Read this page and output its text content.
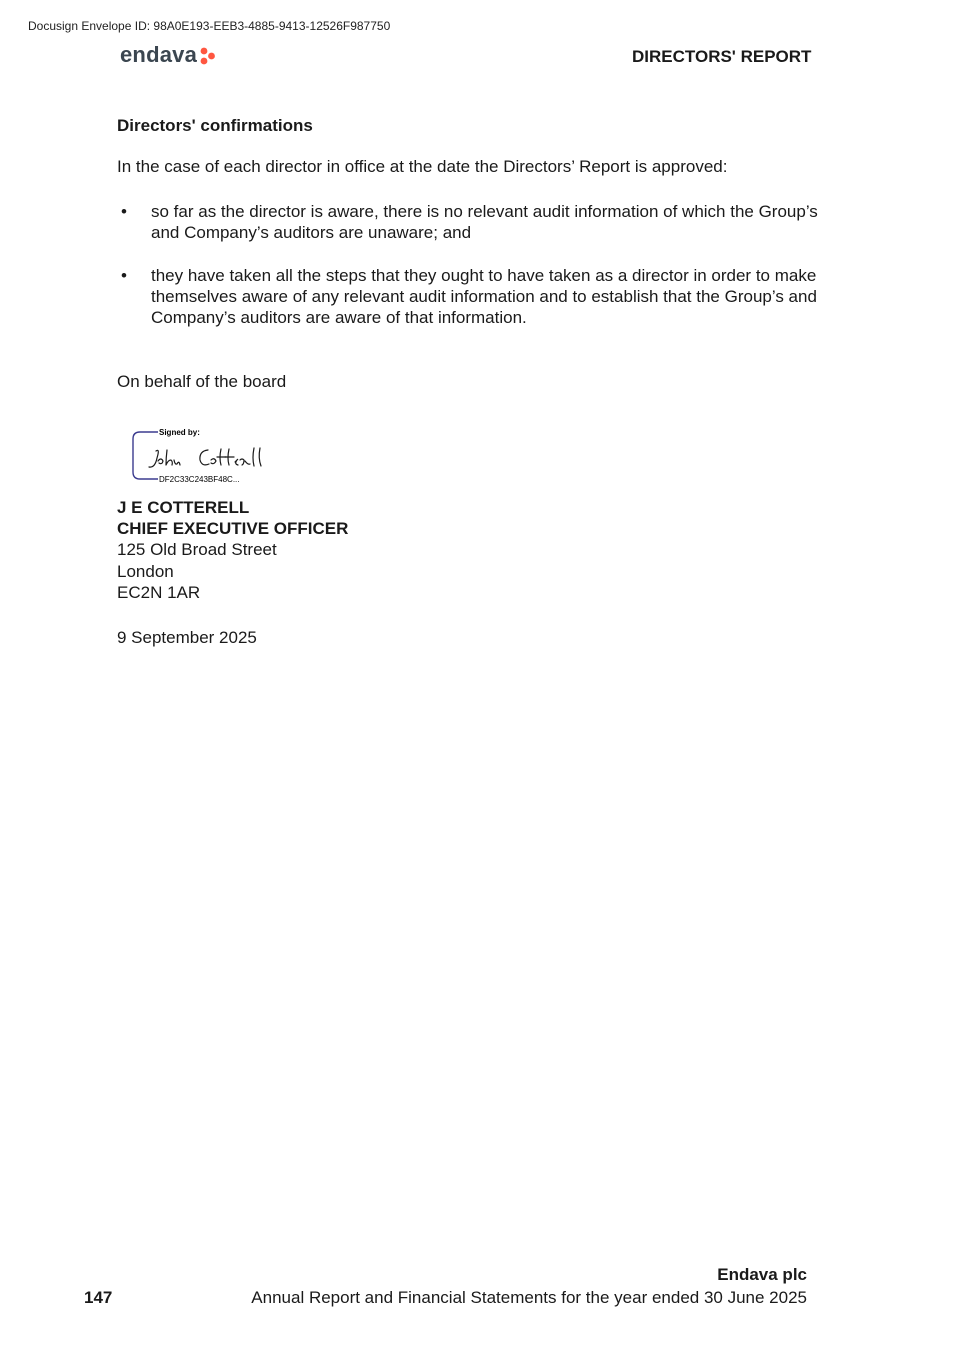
Docusign Envelope ID: 98A0E193-EEB3-4885-9413-12526F987750
endava	DIRECTORS' REPORT
Directors' confirmations
In the case of each director in office at the date the Directors’ Report is approved:
•	so far as the director is aware, there is no relevant audit information of which the Group’s
and Company’s auditors are unaware; and
•	they have taken all the steps that they ought to have taken as a director in order to make
themselves aware of any relevant audit information and to establish that the Group’s and
Company’s auditors are aware of that information.
On behalf of the board
Signed by:
John Cotterell
DF2C33C243BF48C...
J E COTTERELL
CHIEF EXECUTIVE OFFICER
125 Old Broad Street
London
EC2N 1AR
9 September 2025
Endava plc
147	Annual Report and Financial Statements for the year ended 30 June 2025
